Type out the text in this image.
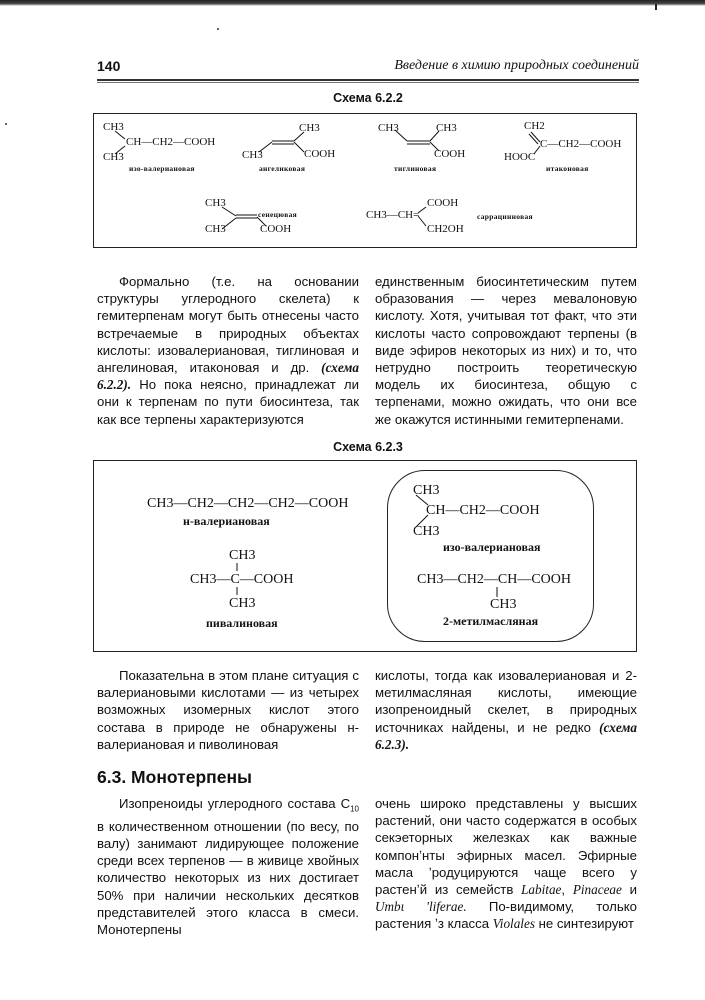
140	Введение в химию природных соединений
Схема 6.2.2
CH3
CH—CH2—COOH
CH3
изо-валериановая
CH3
CH3	COOH
ангеликовая
CH3	CH3
COOH
тиглиновая
CH2
C—CH2—COOH
HOOC
итаконовая
CH3
CH3	COOH
сенецювая	CH3—CH=
COOH
CH2OH
саррацинновая

Формально (т.е. на основании структуры углеродного скелета) к гемитерпенам могут быть отнесены часто встречаемые в природных объектах кислоты: изовалериановая, тиглиновая и ангелиновая, итаконовая и др. (схема 6.2.2). Но пока неясно, принадлежат ли они к терпенам по пути биосинтеза, так как все терпены характеризуются

единственным биосинтетическим путем образования — через мевалоновую кислоту. Хотя, учитывая тот факт, что эти кислоты часто сопровождают терпены (в виде эфиров некоторых из них) и то, что нетрудно построить теоретическую модель их биосинтеза, общую с терпенами, можно ожидать, что они все же окажутся истинными гемитерпенами.

Схема 6.2.3
CH3—CH2—CH2—CH2—COOH
н-валериановая
CH3
CH3—C—COOH
CH3
пивалиновая
CH3
CH—CH2—COOH
CH3
изо-валериановая
CH3—CH2—CH—COOH
CH3
2-метилмасляная

Показательна в этом плане ситуация с валериановыми кислотами — из четырех возможных изомерных кислот этого состава в природе не обнаружены н-валериановая и пиволиновая

кислоты, тогда как изовалериановая и 2-метилмасляная кислоты, имеющие изопреноидный скелет, в природных источниках найдены, и не редко (схема 6.2.3).

6.3. Монотерпены

Изопреноиды углеродного состава $C_{10}$ в количественном отношении (по весу, по валу) занимают лидирующее положение среди всех терпенов — в живице хвойных количество некоторых из них достигает 50% при наличии нескольких десятков представителей этого класса в смеси. Монотерпены

очень широко представлены у высших растений, они часто содержатся в особых секэеторных железках как важные компонʼнты эфирных масел. Эфирные масла ʼродуцируются чаще всего у растенʼй из семейств Labitae, Pinaceae и Umbɩ 'liferae. По-видимому, только растения ʼз класса Violales не синтезируют
